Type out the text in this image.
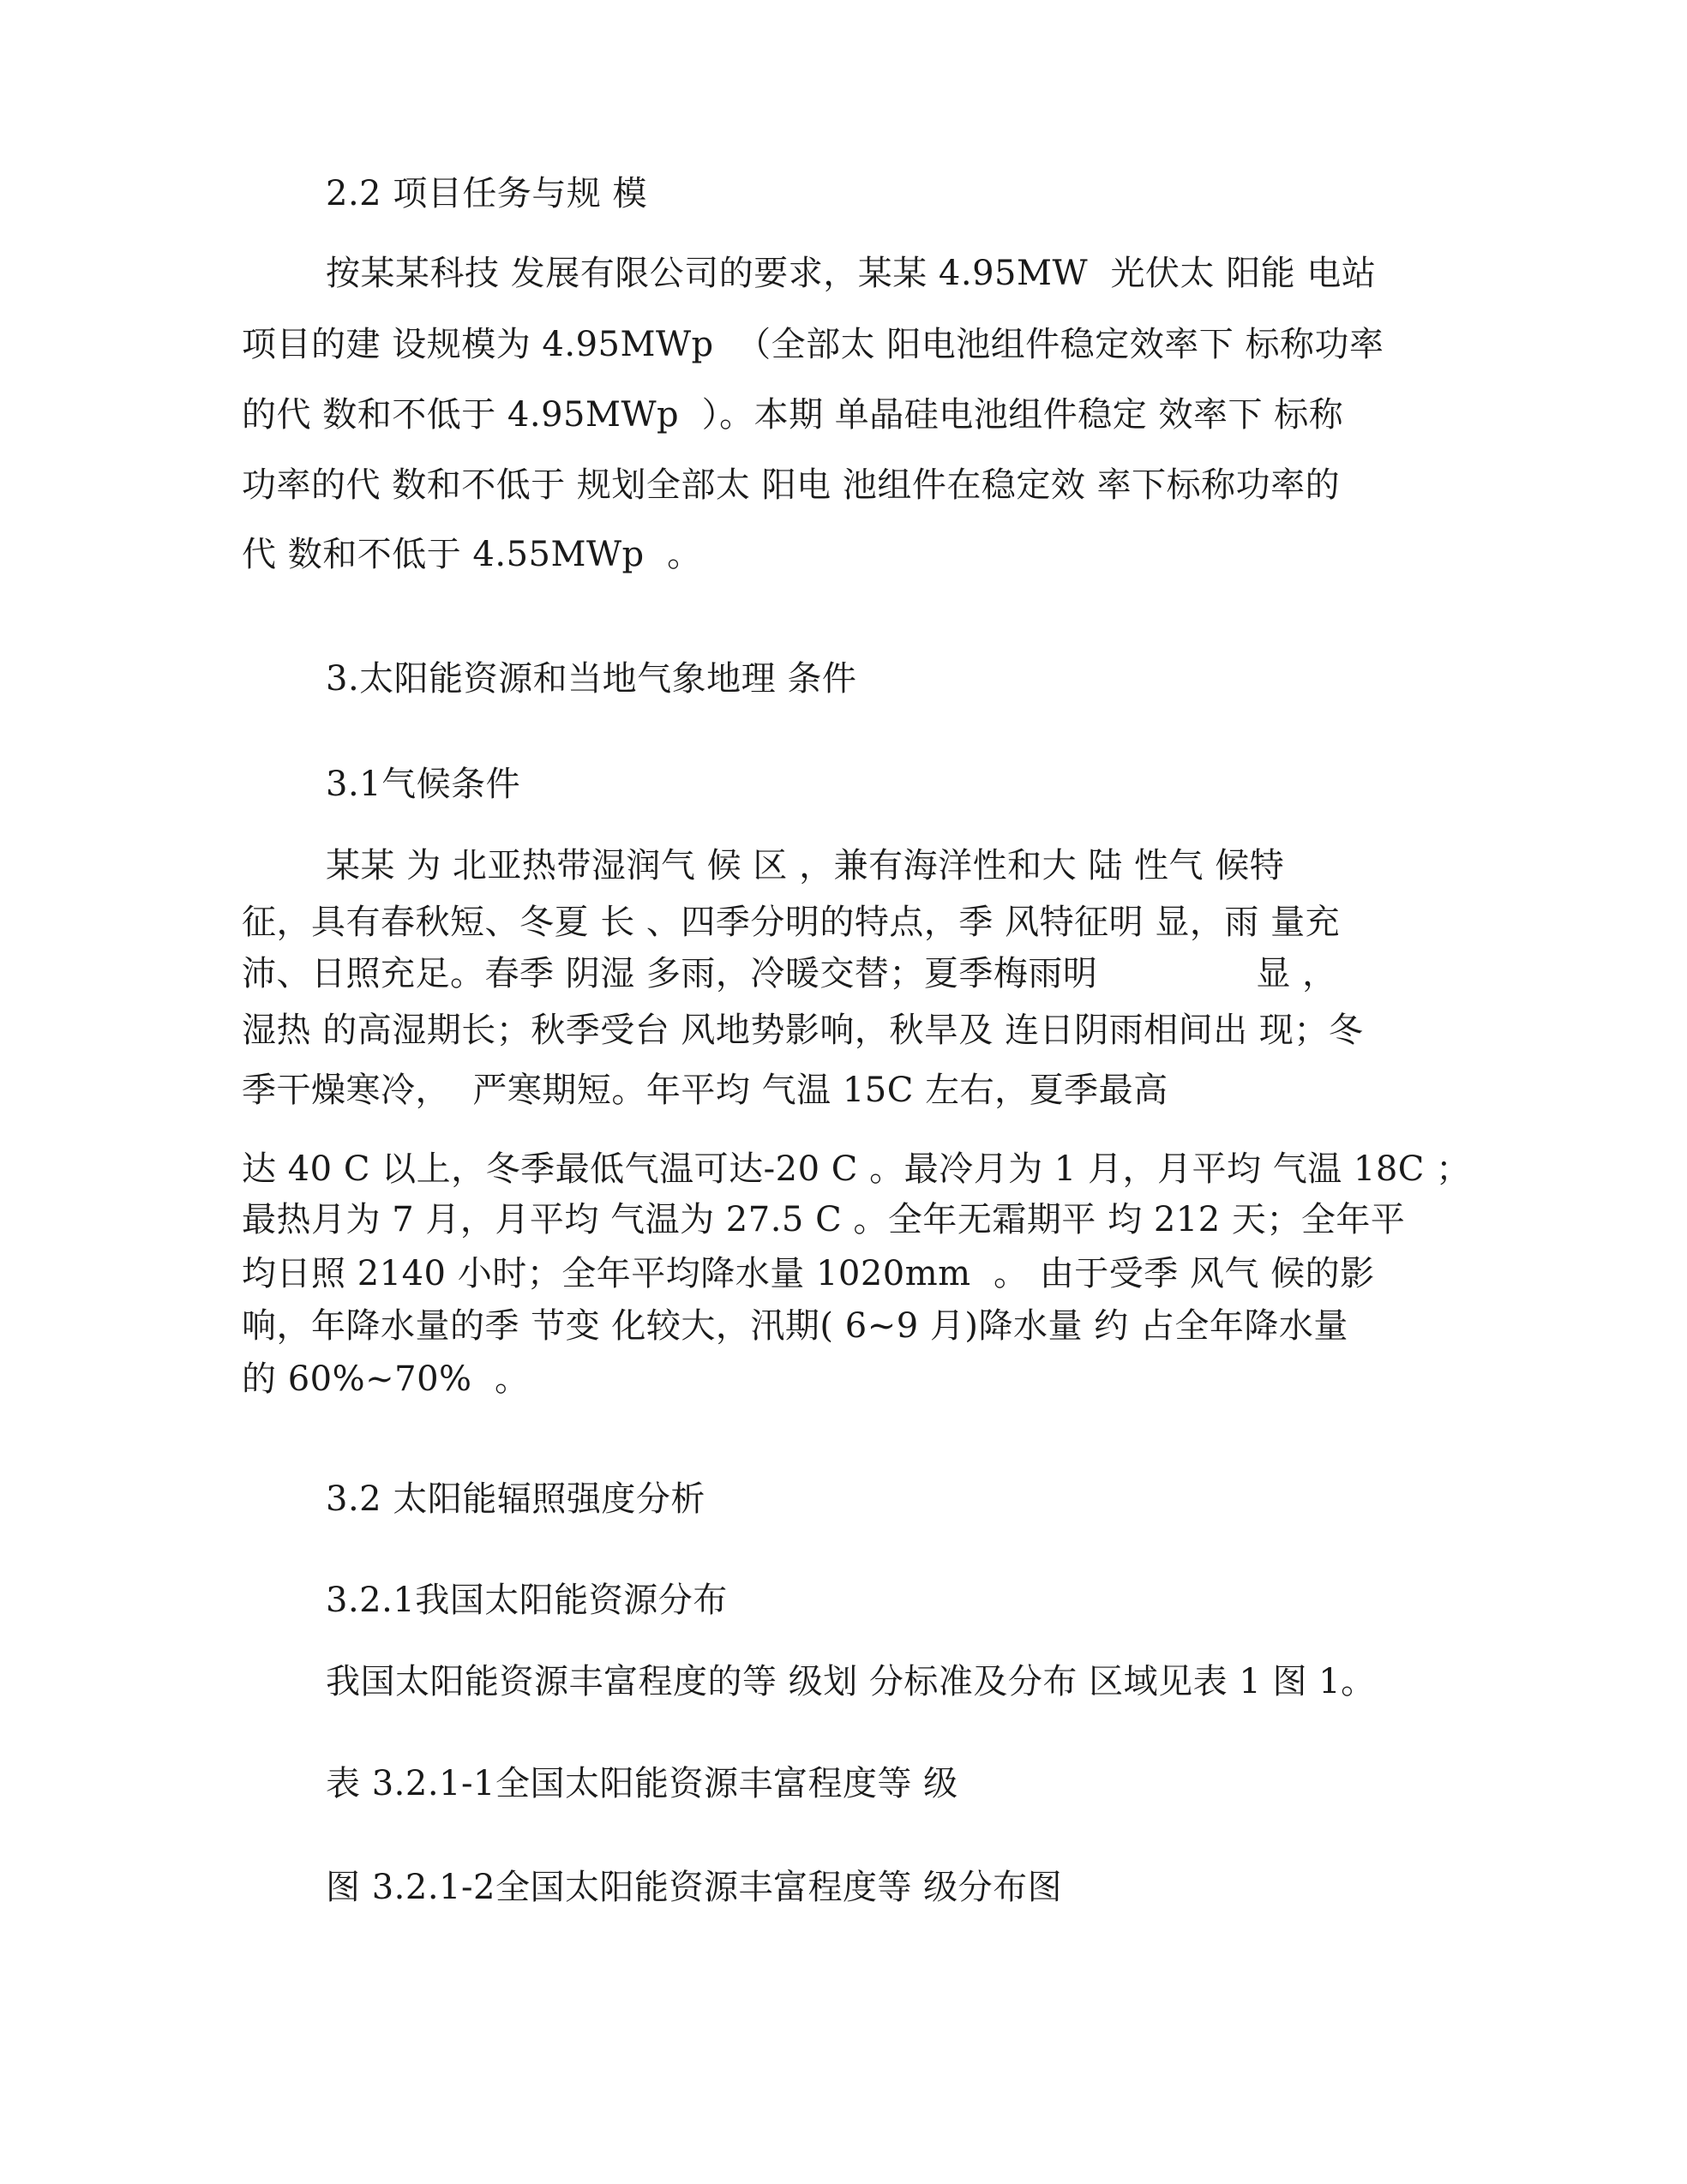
2.2 项目任务与规 模
按某某科技 发展有限公司的要求，某某 4.95MW  光伏太 阳能 电站
项目的建 设规模为 4.95MWp  （全部太 阳电池组件稳定效率下 标称功率
的代 数和不低于 4.95MWp  ）。本期 单晶硅电池组件稳定 效率下 标称
功率的代 数和不低于 规划全部太 阳电 池组件在稳定效 率下标称功率的
代 数和不低于 4.55MWp  。
3.太阳能资源和当地气象地理 条件
3.1气候条件
某某 为 北亚热带湿润气 候 区 ，兼有海洋性和大 陆 性气 候特
征，具有春秋短、冬夏 长 、四季分明的特点，季 风特征明 显，雨 量充
沛、日照充足。春季 阴湿 多雨，冷暖交替；夏季梅雨明              显 ，
湿热 的高湿期长；秋季受台 风地势影响，秋旱及 连日阴雨相间出 现；冬
季干燥寒冷，  严寒期短。年平均 气温 15C 左右，夏季最高
达 40 C 以上，冬季最低气温可达-20 C 。最冷月为 1 月，月平均 气温 18C ；
最热月为 7 月，月平均 气温为 27.5 C 。全年无霜期平 均 212 天；全年平
均日照 2140 小时；全年平均降水量 1020mm  。 由于受季 风气 候的影
响，年降水量的季 节变 化较大，汛期( 6~9 月)降水量 约 占全年降水量
的 60%~70%  。
3.2 太阳能辐照强度分析
3.2.1我国太阳能资源分布
我国太阳能资源丰富程度的等 级划 分标准及分布 区域见表 1 图 1。
表 3.2.1-1全国太阳能资源丰富程度等 级
图 3.2.1-2全国太阳能资源丰富程度等 级分布图
